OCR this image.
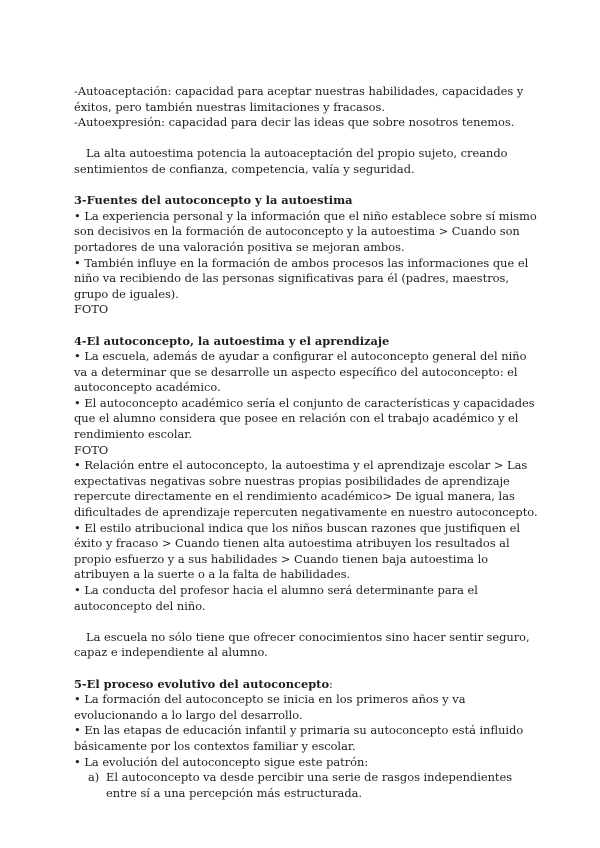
-Autoaceptación: capacidad para aceptar nuestras habilidades, capacidades y éxitos, pero también nuestras limitaciones y fracasos.

-Autoexpresión: capacidad para decir las ideas que sobre nosotros tenemos.

La alta autoestima potencia la autoaceptación del propio sujeto, creando sentimientos de confianza, competencia, valía y seguridad.

3-Fuentes del autoconcepto y la autoestima

• La experiencia personal y la información que el niño establece sobre sí mismo son decisivos en la formación de autoconcepto y la autoestima > Cuando son portadores de una valoración positiva se mejoran ambos.

• También influye en la formación de ambos procesos las informaciones que el niño va recibiendo de las personas significativas para él (padres, maestros, grupo de iguales).

FOTO

4-El autoconcepto, la autoestima y el aprendizaje

• La escuela, además de ayudar a configurar el autoconcepto general del niño va a determinar que se desarrolle un aspecto específico del autoconcepto: el autoconcepto académico.

• El autoconcepto académico sería el conjunto de características y capacidades que el alumno considera que posee en relación con el trabajo académico y el rendimiento escolar.

FOTO

• Relación entre el autoconcepto, la autoestima y el aprendizaje escolar > Las expectativas negativas sobre nuestras propias posibilidades de aprendizaje repercute directamente en el rendimiento académico> De igual manera, las dificultades de aprendizaje repercuten negativamente en nuestro autoconcepto.

• El estilo atribucional indica que los niños buscan razones que justifiquen el éxito y fracaso > Cuando tienen alta autoestima atribuyen los resultados al propio esfuerzo y a sus habilidades > Cuando tienen baja autoestima lo atribuyen a la suerte o a la falta de habilidades.

• La conducta del profesor hacia el alumno será determinante para el autoconcepto del niño.

La escuela no sólo tiene que ofrecer conocimientos sino hacer sentir seguro, capaz e independiente al alumno.

5-El proceso evolutivo del autoconcepto:

• La formación del autoconcepto se inicia en los primeros años y va evolucionando a lo largo del desarrollo.

• En las etapas de educación infantil y primaria su autoconcepto está influido básicamente por los contextos familiar y escolar.

• La evolución del autoconcepto sigue este patrón:

a) El autoconcepto va desde percibir una serie de rasgos independientes entre sí a una percepción más estructurada.
